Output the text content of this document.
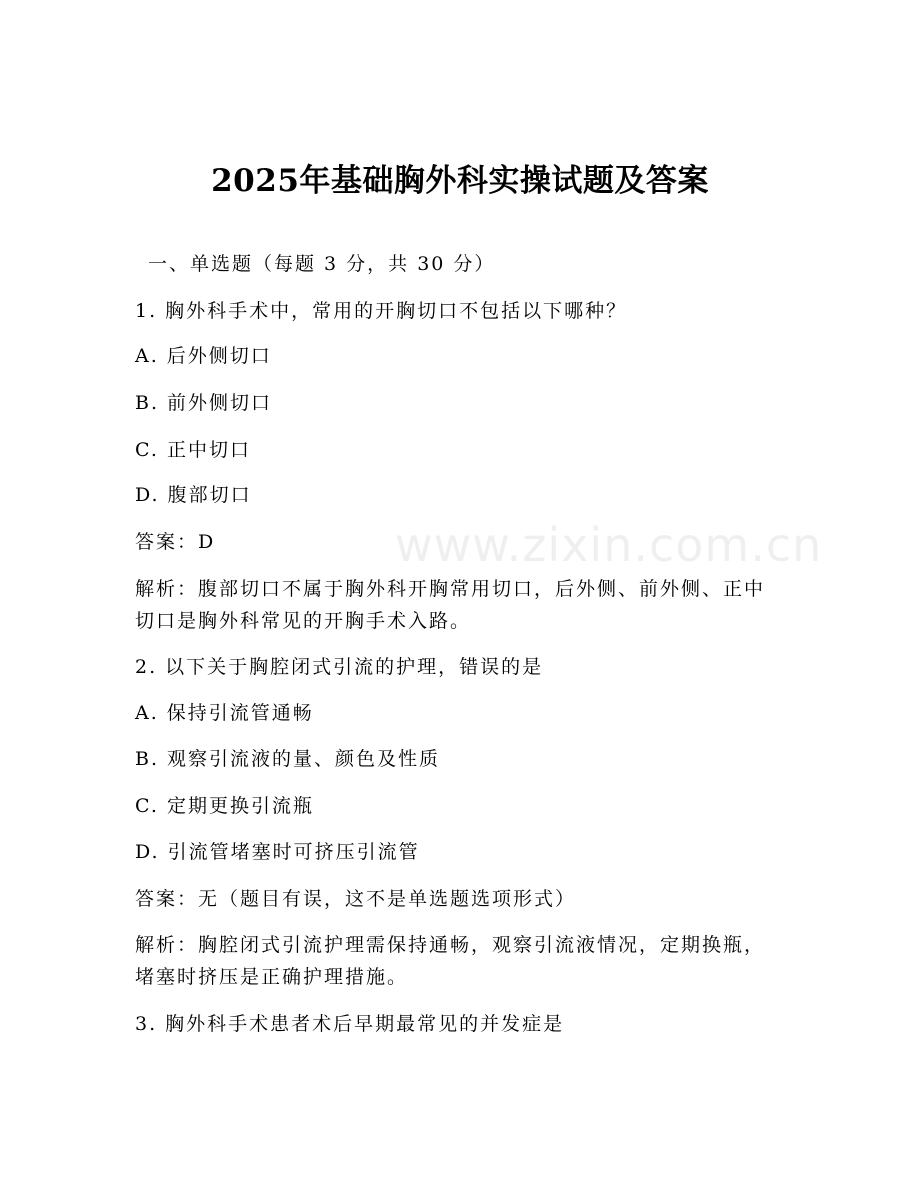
www.zixin.com.cn
2025年基础胸外科实操试题及答案
一、单选题（每题 3 分，共 30 分）
1. 胸外科手术中，常用的开胸切口不包括以下哪种？
A. 后外侧切口
B. 前外侧切口
C. 正中切口
D. 腹部切口
答案：D
解析：腹部切口不属于胸外科开胸常用切口，后外侧、前外侧、正中切口是胸外科常见的开胸手术入路。
2. 以下关于胸腔闭式引流的护理，错误的是
A. 保持引流管通畅
B. 观察引流液的量、颜色及性质
C. 定期更换引流瓶
D. 引流管堵塞时可挤压引流管
答案：无（题目有误，这不是单选题选项形式）
解析：胸腔闭式引流护理需保持通畅，观察引流液情况，定期换瓶，堵塞时挤压是正确护理措施。
3. 胸外科手术患者术后早期最常见的并发症是
